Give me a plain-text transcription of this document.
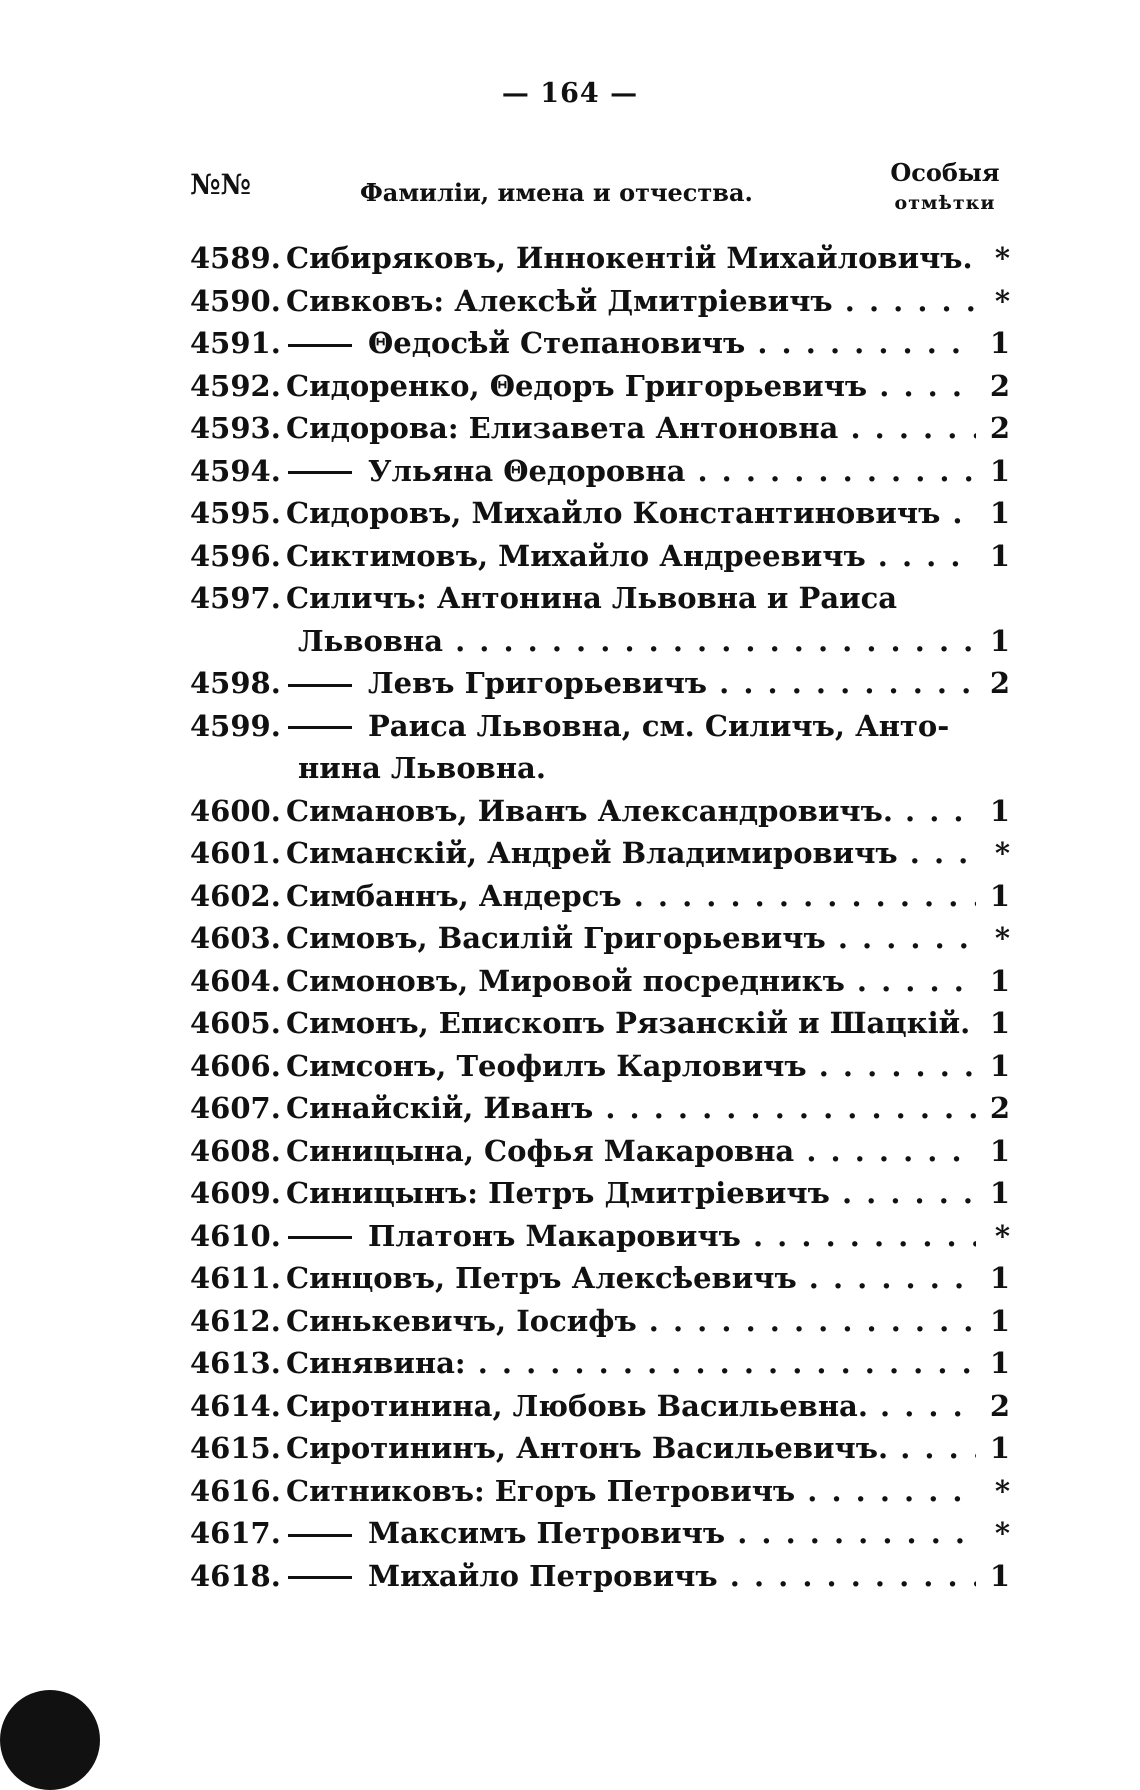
— 164 —
№№	Фамиліи, имена и отчества.
Особыя
отмѣтки
4589. Сибиряковъ, Иннокентій Михайловичъ. *
4590. Сивковъ: Алексѣй Дмитріевичъ . . .	*
4591.	Θедосѣй Степановичъ . . .	1
4592. Сидоренко, Θедоръ Григорьевичъ . . .	2
4593. Сидорова: Елизавета Антоновна . . .	2
4594.	Ульяна Θедоровна . . .	1
4595. Сидоровъ, Михайло Константиновичъ . . .	1
4596. Сиктимовъ, Михайло Андреевичъ . . .	1
4597. Силичъ: Антонина Львовна и Раиса
Львовна . . .	1
4598.	Левъ Григорьевичъ . . .	2
4599.	Раиса Львовна, см. Силичъ, Анто-
нина Львовна.
4600. Симановъ, Иванъ Александровичъ. . . .	1
4601. Симанскій, Андрей Владимировичъ . . .	*
4602. Симбаннъ, Андерсъ . . .	1
4603. Симовъ, Василій Григорьевичъ . . .	*
4604. Симоновъ, Мировой посредникъ . . .	1
4605. Симонъ, Епископъ Рязанскій и Шацкій. 1
4606. Симсонъ, Теофилъ Карловичъ . . .	1
4607. Синайскій, Иванъ . . .	2
4608. Синицына, Софья Макаровна . . .	1
4609. Синицынъ: Петръ Дмитріевичъ . . .	1
4610.	Платонъ Макаровичъ . . .	*
4611. Синцовъ, Петръ Алексѣевичъ . . .	1
4612. Синькевичъ, Іосифъ . . .	1
4613. Синявина: . . .	1
4614. Сиротинина, Любовь Васильевна. . . .	2
4615. Сиротининъ, Антонъ Васильевичъ. . . .	1
4616. Ситниковъ: Егоръ Петровичъ . . .	*
4617.	Максимъ Петровичъ . . .	*
4618.	Михайло Петровичъ . . .	1
